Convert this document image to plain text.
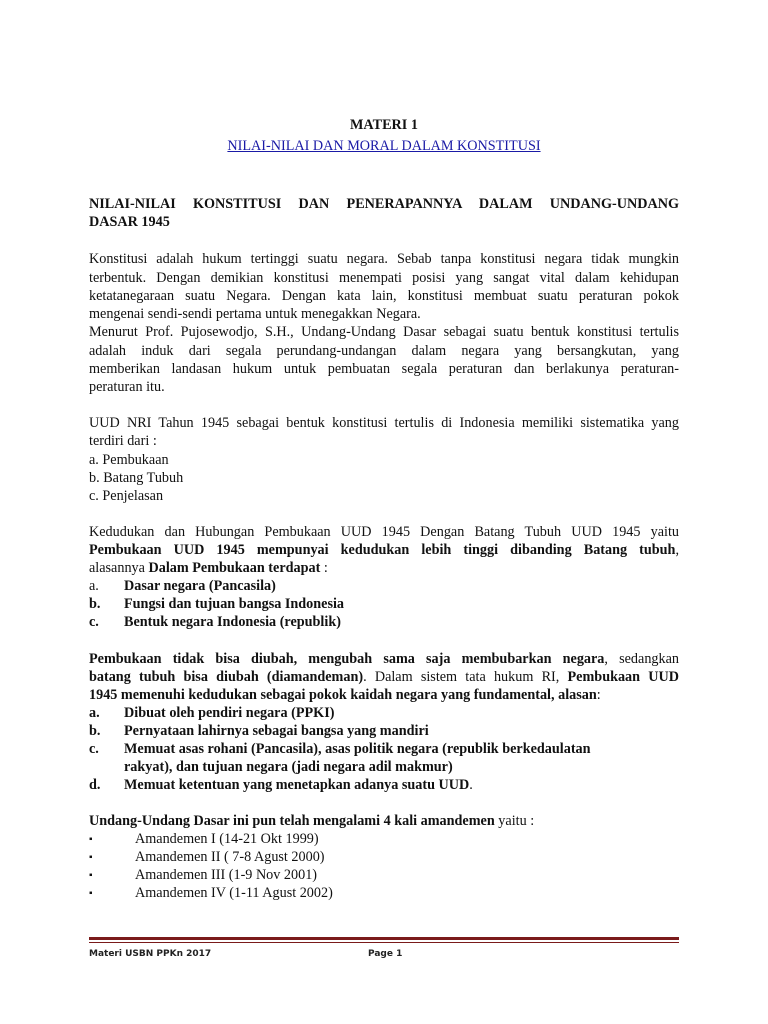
MATERI 1
NILAI-NILAI DAN MORAL DALAM KONSTITUSI
NILAI-NILAI KONSTITUSI DAN PENERAPANNYA DALAM UNDANG-UNDANG
DASAR 1945
Konstitusi adalah hukum tertinggi suatu negara. Sebab tanpa konstitusi negara tidak mungkin
terbentuk. Dengan demikian konstitusi menempati posisi yang sangat vital dalam kehidupan
ketatanegaraan suatu Negara. Dengan kata lain, konstitusi membuat suatu peraturan pokok
mengenai sendi-sendi pertama untuk menegakkan Negara.
Menurut Prof. Pujosewodjo, S.H., Undang-Undang Dasar sebagai suatu bentuk konstitusi tertulis
adalah induk dari segala perundang-undangan dalam negara yang bersangkutan, yang
memberikan landasan hukum untuk pembuatan segala peraturan dan berlakunya peraturan-
peraturan itu.
UUD NRI Tahun 1945 sebagai bentuk konstitusi tertulis di Indonesia memiliki sistematika yang
terdiri dari :
a. Pembukaan
b. Batang Tubuh
c. Penjelasan
Kedudukan dan Hubungan Pembukaan UUD 1945 Dengan Batang Tubuh UUD 1945 yaitu
Pembukaan UUD 1945 mempunyai kedudukan lebih tinggi dibanding Batang tubuh,
alasannya Dalam Pembukaan terdapat :
a. Dasar negara (Pancasila)
b. Fungsi dan tujuan bangsa Indonesia
c. Bentuk negara Indonesia (republik)
Pembukaan tidak bisa diubah, mengubah sama saja membubarkan negara, sedangkan
batang tubuh bisa diubah (diamandeman). Dalam sistem tata hukum RI, Pembukaan UUD
1945 memenuhi kedudukan sebagai pokok kaidah negara yang fundamental, alasan:
a. Dibuat oleh pendiri negara (PPKI)
b. Pernyataan lahirnya sebagai bangsa yang mandiri
c. Memuat asas rohani (Pancasila), asas politik negara (republik berkedaulatan
rakyat), dan tujuan negara (jadi negara adil makmur)
d. Memuat ketentuan yang menetapkan adanya suatu UUD.
Undang-Undang Dasar ini pun telah mengalami 4 kali amandemen yaitu :
▪	Amandemen I (14-21 Okt 1999)
▪	Amandemen II ( 7-8 Agust 2000)
▪	Amandemen III (1-9 Nov 2001)
▪	Amandemen IV (1-11 Agust 2002)
Materi USBN PPKn 2017	Page 1
